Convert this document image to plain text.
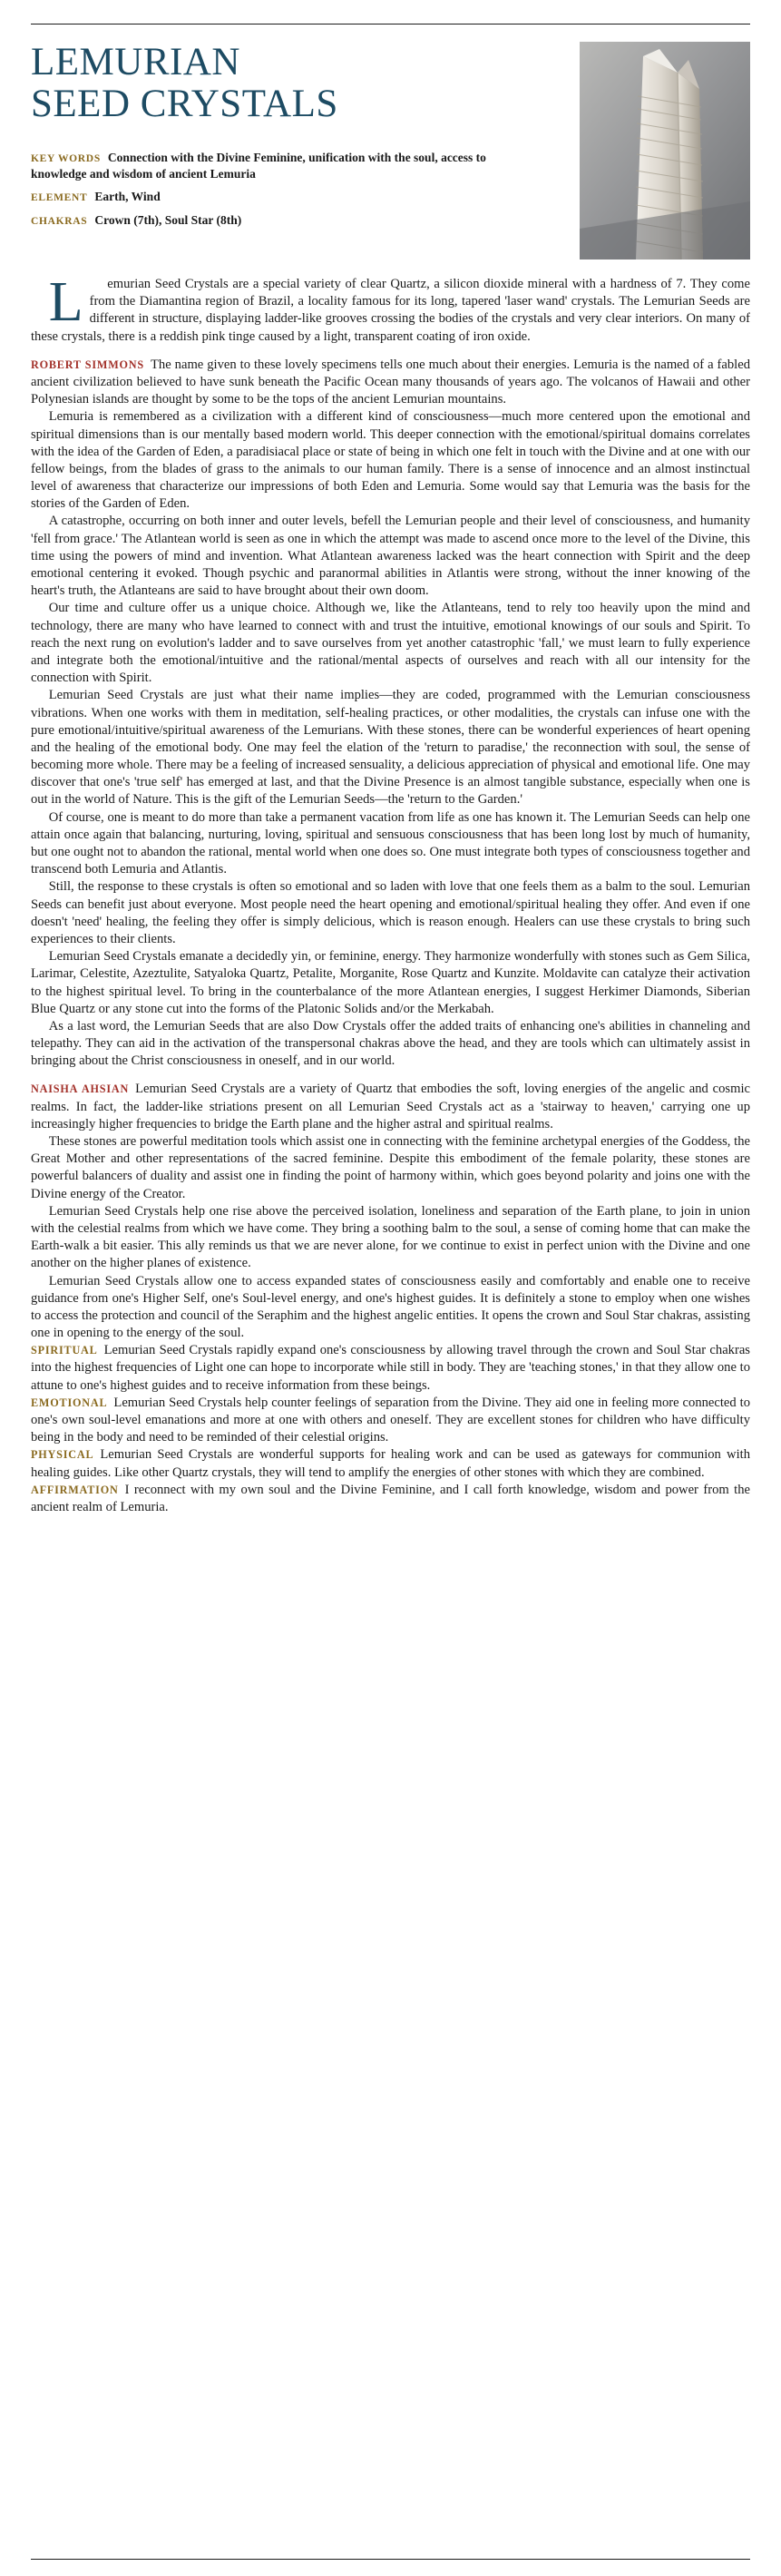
LEMURIAN
SEED CRYSTALS
KEY WORDS Connection with the Divine Feminine, unification with the soul, access to knowledge and wisdom of ancient Lemuria
ELEMENT Earth, Wind
CHAKRAS Crown (7th), Soul Star (8th)

L	emurian Seed Crystals are a special variety of clear Quartz, a silicon dioxide mineral with a hardness of 7. They come from the Diamantina region of Brazil, a locality famous for its long, tapered 'laser wand' crystals. The Lemurian Seeds are different in structure, displaying ladder-like grooves crossing the bodies of the crystals and very clear interiors. On many of these crystals, there is a reddish pink tinge caused by a light, transparent coating of iron oxide.

ROBERT SIMMONS The name given to these lovely specimens tells one much about their energies. Lemuria is the named of a fabled ancient civilization believed to have sunk beneath the Pacific Ocean many thousands of years ago. The volcanos of Hawaii and other Polynesian islands are thought by some to be the tops of the ancient Lemurian mountains.

Lemuria is remembered as a civilization with a different kind of consciousness—much more centered upon the emotional and spiritual dimensions than is our mentally based modern world. This deeper connection with the emotional/spiritual domains correlates with the idea of the Garden of Eden, a paradisiacal place or state of being in which one felt in touch with the Divine and at one with our fellow beings, from the blades of grass to the animals to our human family. There is a sense of innocence and an almost instinctual level of awareness that characterize our impressions of both Eden and Lemuria. Some would say that Lemuria was the basis for the stories of the Garden of Eden.

A catastrophe, occurring on both inner and outer levels, befell the Lemurian people and their level of consciousness, and humanity 'fell from grace.' The Atlantean world is seen as one in which the attempt was made to ascend once more to the level of the Divine, this time using the powers of mind and invention. What Atlantean awareness lacked was the heart connection with Spirit and the deep emotional centering it evoked. Though psychic and paranormal abilities in Atlantis were strong, without the inner knowing of the heart's truth, the Atlanteans are said to have brought about their own doom.

Our time and culture offer us a unique choice. Although we, like the Atlanteans, tend to rely too heavily upon the mind and technology, there are many who have learned to connect with and trust the intuitive, emotional knowings of our souls and Spirit. To reach the next rung on evolution's ladder and to save ourselves from yet another catastrophic 'fall,' we must learn to fully experience and integrate both the emotional/intuitive and the rational/mental aspects of ourselves and reach with all our intensity for the connection with Spirit.

Lemurian Seed Crystals are just what their name implies—they are coded, programmed with the Lemurian consciousness vibrations. When one works with them in meditation, self-healing practices, or other modalities, the crystals can infuse one with the pure emotional/intuitive/spiritual awareness of the Lemurians. With these stones, there can be wonderful experiences of heart opening and the healing of the emotional body. One may feel the elation of the 'return to paradise,' the reconnection with soul, the sense of becoming more whole. There may be a feeling of increased sensuality, a delicious appreciation of physical and emotional life. One may discover that one's 'true self' has emerged at last, and that the Divine Presence is an almost tangible substance, especially when one is out in the world of Nature. This is the gift of the Lemurian Seeds—the 'return to the Garden.'

Of course, one is meant to do more than take a permanent vacation from life as one has known it. The Lemurian Seeds can help one attain once again that balancing, nurturing, loving, spiritual and sensuous consciousness that has been long lost by much of humanity, but one ought not to abandon the rational, mental world when one does so. One must integrate both types of consciousness together and transcend both Lemuria and Atlantis.

Still, the response to these crystals is often so emotional and so laden with love that one feels them as a balm to the soul. Lemurian Seeds can benefit just about everyone. Most people need the heart opening and emotional/spiritual healing they offer. And even if one doesn't 'need' healing, the feeling they offer is simply delicious, which is reason enough. Healers can use these crystals to bring such experiences to their clients.

Lemurian Seed Crystals emanate a decidedly yin, or feminine, energy. They harmonize wonderfully with stones such as Gem Silica, Larimar, Celestite, Azeztulite, Satyaloka Quartz, Petalite, Morganite, Rose Quartz and Kunzite. Moldavite can catalyze their activation to the highest spiritual level. To bring in the counterbalance of the more Atlantean energies, I suggest Herkimer Diamonds, Siberian Blue Quartz or any stone cut into the forms of the Platonic Solids and/or the Merkabah.

As a last word, the Lemurian Seeds that are also Dow Crystals offer the added traits of enhancing one's abilities in channeling and telepathy. They can aid in the activation of the transpersonal chakras above the head, and they are tools which can ultimately assist in bringing about the Christ consciousness in oneself, and in our world.

NAISHA AHSIAN Lemurian Seed Crystals are a variety of Quartz that embodies the soft, loving energies of the angelic and cosmic realms. In fact, the ladder-like striations present on all Lemurian Seed Crystals act as a 'stairway to heaven,' carrying one up increasingly higher frequencies to bridge the Earth plane and the higher astral and spiritual realms.

These stones are powerful meditation tools which assist one in connecting with the feminine archetypal energies of the Goddess, the Great Mother and other representations of the sacred feminine. Despite this embodiment of the female polarity, these stones are powerful balancers of duality and assist one in finding the point of harmony within, which goes beyond polarity and joins one with the Divine energy of the Creator.

Lemurian Seed Crystals help one rise above the perceived isolation, loneliness and separation of the Earth plane, to join in union with the celestial realms from which we have come. They bring a soothing balm to the soul, a sense of coming home that can make the Earth-walk a bit easier. This ally reminds us that we are never alone, for we continue to exist in perfect union with the Divine and one another on the higher planes of existence.

Lemurian Seed Crystals allow one to access expanded states of consciousness easily and comfortably and enable one to receive guidance from one's Higher Self, one's Soul-level energy, and one's highest guides. It is definitely a stone to employ when one wishes to access the protection and council of the Seraphim and the highest angelic entities. It opens the crown and Soul Star chakras, assisting one in opening to the energy of the soul.

SPIRITUAL Lemurian Seed Crystals rapidly expand one's consciousness by allowing travel through the crown and Soul Star chakras into the highest frequencies of Light one can hope to incorporate while still in body. They are 'teaching stones,' in that they allow one to attune to one's highest guides and to receive information from these beings.

EMOTIONAL Lemurian Seed Crystals help counter feelings of separation from the Divine. They aid one in feeling more connected to one's own soul-level emanations and more at one with others and oneself. They are excellent stones for children who have difficulty being in the body and need to be reminded of their celestial origins.

PHYSICAL Lemurian Seed Crystals are wonderful supports for healing work and can be used as gateways for communion with healing guides. Like other Quartz crystals, they will tend to amplify the energies of other stones with which they are combined.

AFFIRMATION I reconnect with my own soul and the Divine Feminine, and I call forth knowledge, wisdom and power from the ancient realm of Lemuria.
